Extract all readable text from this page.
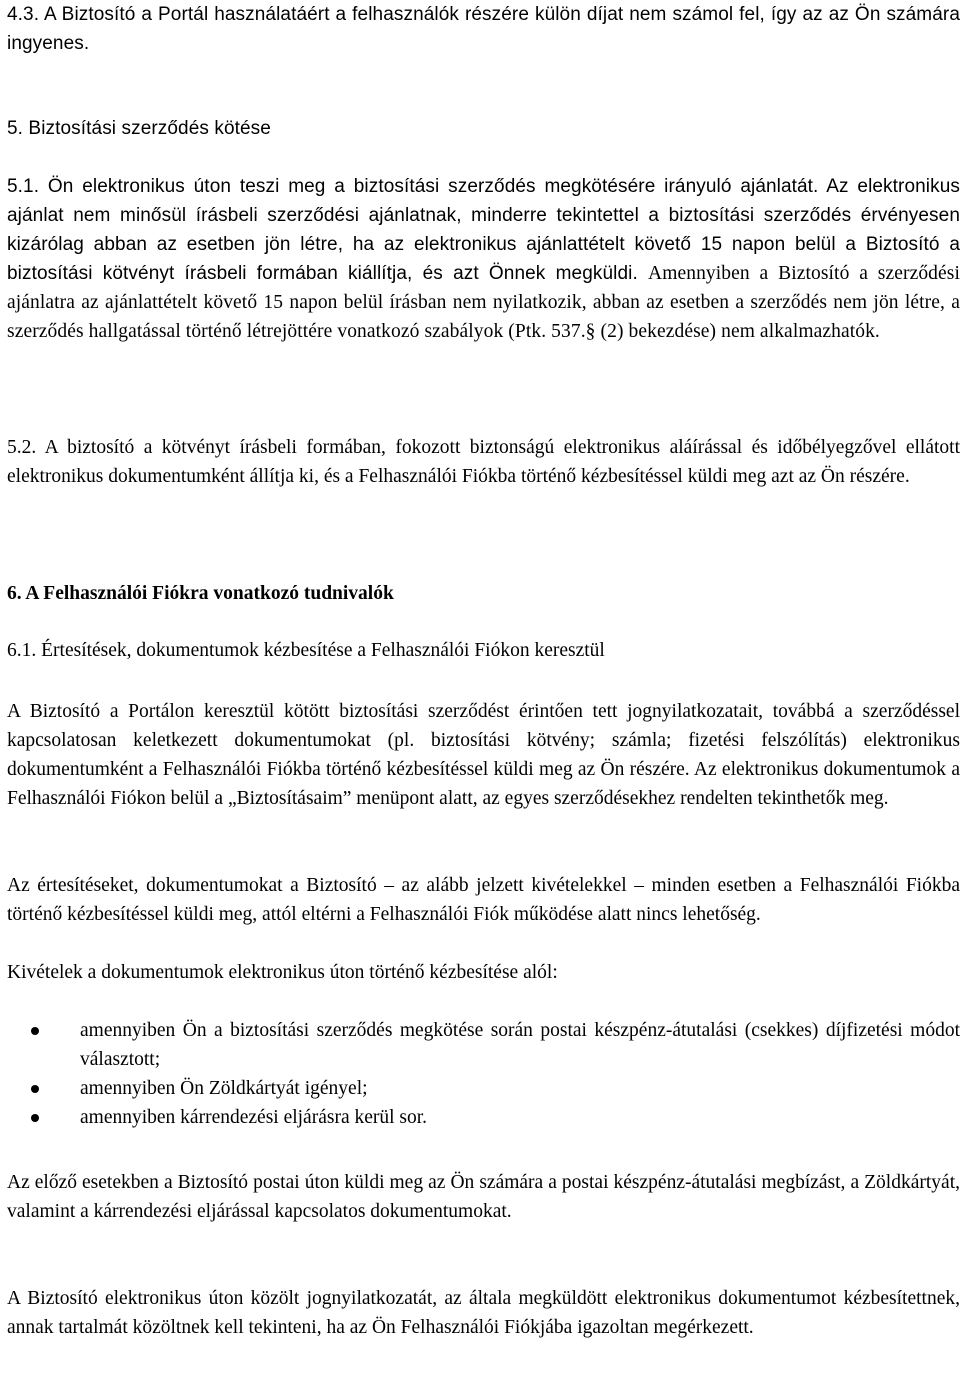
4.3. A Biztosító a Portál használatáért a felhasználók részére külön díjat nem számol fel, így az az Ön számára ingyenes.

5. Biztosítási szerződés kötése

5.1. Ön elektronikus úton teszi meg a biztosítási szerződés megkötésére irányuló ajánlatát. Az elektronikus ajánlat nem minősül írásbeli szerződési ajánlatnak, minderre tekintettel a biztosítási szerződés érvényesen kizárólag abban az esetben jön létre, ha az elektronikus ajánlattételt követő 15 napon belül a Biztosító a biztosítási kötvényt írásbeli formában kiállítja, és azt Önnek megküldi. Amennyiben a Biztosító a szerződési ajánlatra az ajánlattételt követő 15 napon belül írásban nem nyilatkozik, abban az esetben a szerződés nem jön létre, a szerződés hallgatással történő létrejöttére vonatkozó szabályok (Ptk. 537.§ (2) bekezdése) nem alkalmazhatók.

5.2. A biztosító a kötvényt írásbeli formában, fokozott biztonságú elektronikus aláírással és időbélyegzővel ellátott elektronikus dokumentumként állítja ki, és a Felhasználói Fiókba történő kézbesítéssel küldi meg azt az Ön részére.

6. A Felhasználói Fiókra vonatkozó tudnivalók

6.1. Értesítések, dokumentumok kézbesítése a Felhasználói Fiókon keresztül

A Biztosító a Portálon keresztül kötött biztosítási szerződést érintően tett jognyilatkozatait, továbbá a szerződéssel kapcsolatosan keletkezett dokumentumokat (pl. biztosítási kötvény; számla; fizetési felszólítás) elektronikus dokumentumként a Felhasználói Fiókba történő kézbesítéssel küldi meg az Ön részére. Az elektronikus dokumentumok a Felhasználói Fiókon belül a „Biztosításaim” menüpont alatt, az egyes szerződésekhez rendelten tekinthetők meg.

Az értesítéseket, dokumentumokat a Biztosító – az alább jelzett kivételekkel – minden esetben a Felhasználói Fiókba történő kézbesítéssel küldi meg, attól eltérni a Felhasználói Fiók működése alatt nincs lehetőség.

Kivételek a dokumentumok elektronikus úton történő kézbesítése alól:

amennyiben Ön a biztosítási szerződés megkötése során postai készpénz-átutalási (csekkes) díjfizetési módot választott;
amennyiben Ön Zöldkártyát igényel;
amennyiben kárrendezési eljárásra kerül sor.

Az előző esetekben a Biztosító postai úton küldi meg az Ön számára a postai készpénz-átutalási megbízást, a Zöldkártyát, valamint a kárrendezési eljárással kapcsolatos dokumentumokat.

A Biztosító elektronikus úton közölt jognyilatkozatát, az általa megküldött elektronikus dokumentumot kézbesítettnek, annak tartalmát közöltnek kell tekinteni, ha az Ön Felhasználói Fiókjába igazoltan megérkezett.
